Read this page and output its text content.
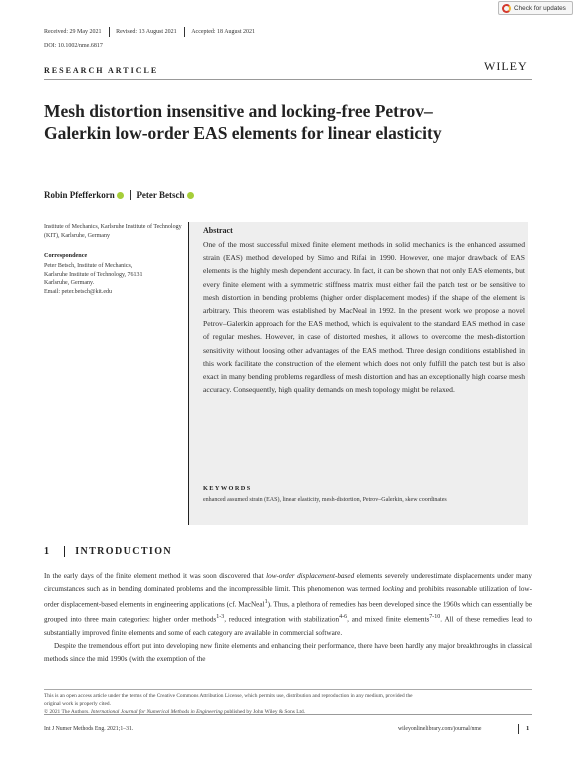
Check for updates
Received: 29 May 2021 Revised: 13 August 2021 Accepted: 18 August 2021
DOI: 10.1002/nme.6817
RESEARCH ARTICLE	WILEY
Mesh distortion insensitive and locking-free Petrov–Galerkin low-order EAS elements for linear elasticity
Robin Pfefferkorn Peter Betsch
Institute of Mechanics, Karlsruhe Institute of Technology (KIT), Karlsruhe, Germany
Correspondence
Peter Betsch, Institute of Mechanics,
Karlsruhe Institute of Technology, 76131
Karlsruhe, Germany.
Email: peter.betsch@kit.edu
Abstract
One of the most successful mixed finite element methods in solid mechanics is the enhanced assumed strain (EAS) method developed by Simo and Rifai in 1990. However, one major drawback of EAS elements is the highly mesh dependent accuracy. In fact, it can be shown that not only EAS elements, but every finite element with a symmetric stiffness matrix must either fail the patch test or be sensitive to mesh distortion in bending problems (higher order displacement modes) if the shape of the element is arbitrary. This theorem was established by MacNeal in 1992. In the present work we propose a novel Petrov–Galerkin approach for the EAS method, which is equivalent to the standard EAS method in case of regular meshes. However, in case of distorted meshes, it allows to overcome the mesh-distortion sensitivity without loosing other advantages of the EAS method. Three design conditions established in this work facilitate the construction of the element which does not only fulfill the patch test but is also exact in many bending problems regardless of mesh distortion and has an exceptionally high coarse mesh accuracy. Consequently, high quality demands on mesh topology might be relaxed.
KEYWORDS
enhanced assumed strain (EAS), linear elasticity, mesh-distortion, Petrov–Galerkin, skew coordinates
1 INTRODUCTION

In the early days of the finite element method it was soon discovered that low-order displacement-based elements severely underestimate displacements under many circumstances such as in bending dominated problems and the incompressible limit. This phenomenon was termed locking and prohibits reasonable utilization of low-order displacement-based elements in engineering applications (cf. MacNeal$^1$). Thus, a plethora of remedies has been developed since the 1960s which can essentially be grouped into three main categories: higher order methods$^{1-3}$, reduced integration with stabilization$^{4-6}$, and mixed finite elements$^{7-10}$. All of these remedies lead to substantially improved finite elements and some of each category are available in commercial software.

Despite the tremendous effort put into developing new finite elements and enhancing their performance, there have been hardly any major breakthroughs in classical methods since the mid 1990s (with the exemption of the

This is an open access article under the terms of the Creative Commons Attribution License, which permits use, distribution and reproduction in any medium, provided the
original work is properly cited.
© 2021 The Authors. International Journal for Numerical Methods in Engineering published by John Wiley & Sons Ltd.
Int J Numer Methods Eng. 2021;1–31.	wileyonlinelibrary.com/journal/nme	1
